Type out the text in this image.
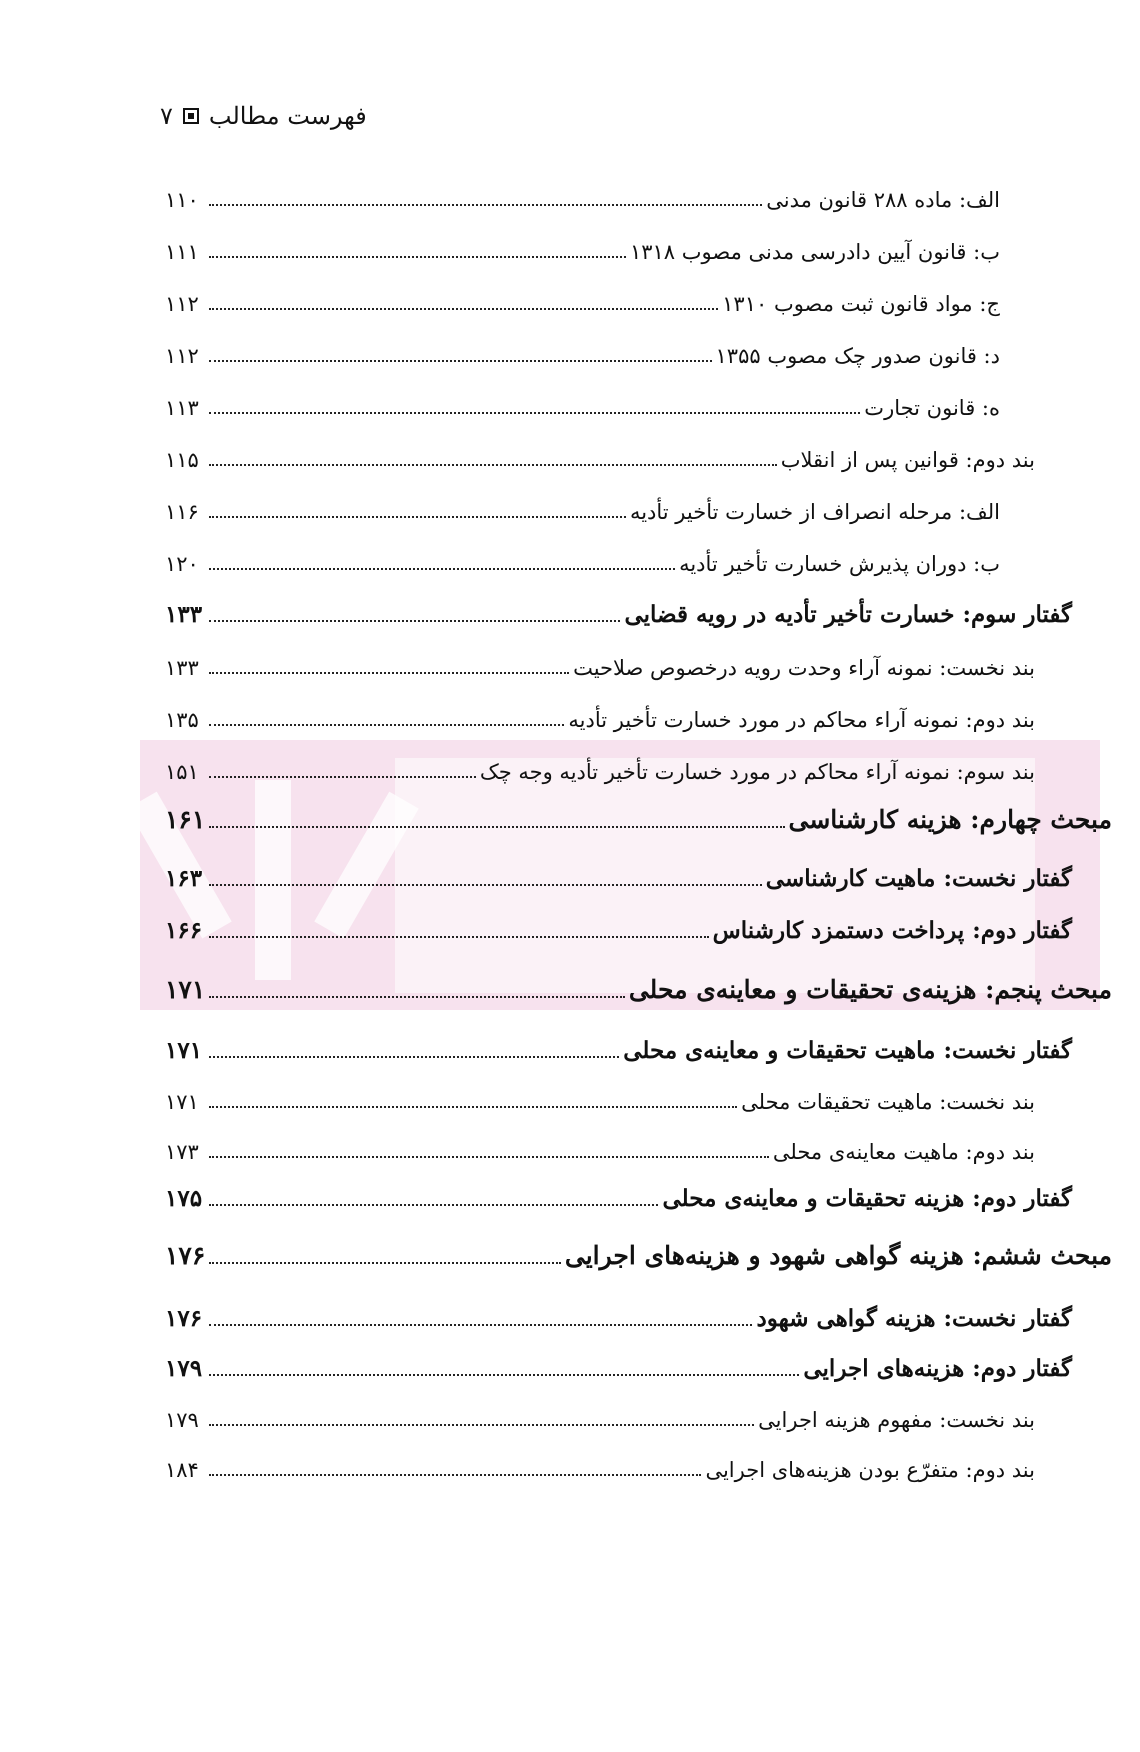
فهرست مطالب
۷
الف: ماده ۲۸۸ قانون مدنی
۱۱۰
ب: قانون آیین دادرسی مدنی مصوب ۱۳۱۸
۱۱۱
ج: مواد قانون ثبت مصوب ۱۳۱۰
۱۱۲
د: قانون صدور چک مصوب ۱۳۵۵
۱۱۲
ه: قانون تجارت
۱۱۳
بند دوم: قوانین پس از انقلاب
۱۱۵
الف: مرحله انصراف از خسارت تأخیر تأدیه
۱۱۶
ب: دوران پذیرش خسارت تأخیر تأدیه
۱۲۰
گفتار سوم: خسارت تأخیر تأدیه در رویه قضایی
۱۳۳
بند نخست: نمونه آراء وحدت رویه درخصوص صلاحیت
۱۳۳
بند دوم: نمونه آراء محاکم در مورد خسارت تأخیر تأدیه
۱۳۵
بند سوم: نمونه آراء محاکم در مورد خسارت تأخیر تأدیه وجه چک
۱۵۱
مبحث چهارم: هزینه کارشناسی
۱۶۱
گفتار نخست: ماهیت کارشناسی
۱۶۳
گفتار دوم: پرداخت دستمزد کارشناس
۱۶۶
مبحث پنجم: هزینه‌ی تحقیقات و معاینه‌ی محلی
۱۷۱
گفتار نخست: ماهیت تحقیقات و معاینه‌ی محلی
۱۷۱
بند نخست: ماهیت تحقیقات محلی
۱۷۱
بند دوم: ماهیت معاینه‌ی محلی
۱۷۳
گفتار دوم: هزینه تحقیقات و معاینه‌ی محلی
۱۷۵
مبحث ششم: هزینه گواهی شهود و هزینه‌های اجرایی
۱۷۶
گفتار نخست: هزینه گواهی شهود
۱۷۶
گفتار دوم: هزینه‌های اجرایی
۱۷۹
بند نخست: مفهوم هزینه اجرایی
۱۷۹
بند دوم: متفرّع بودن هزینه‌های اجرایی
۱۸۴
